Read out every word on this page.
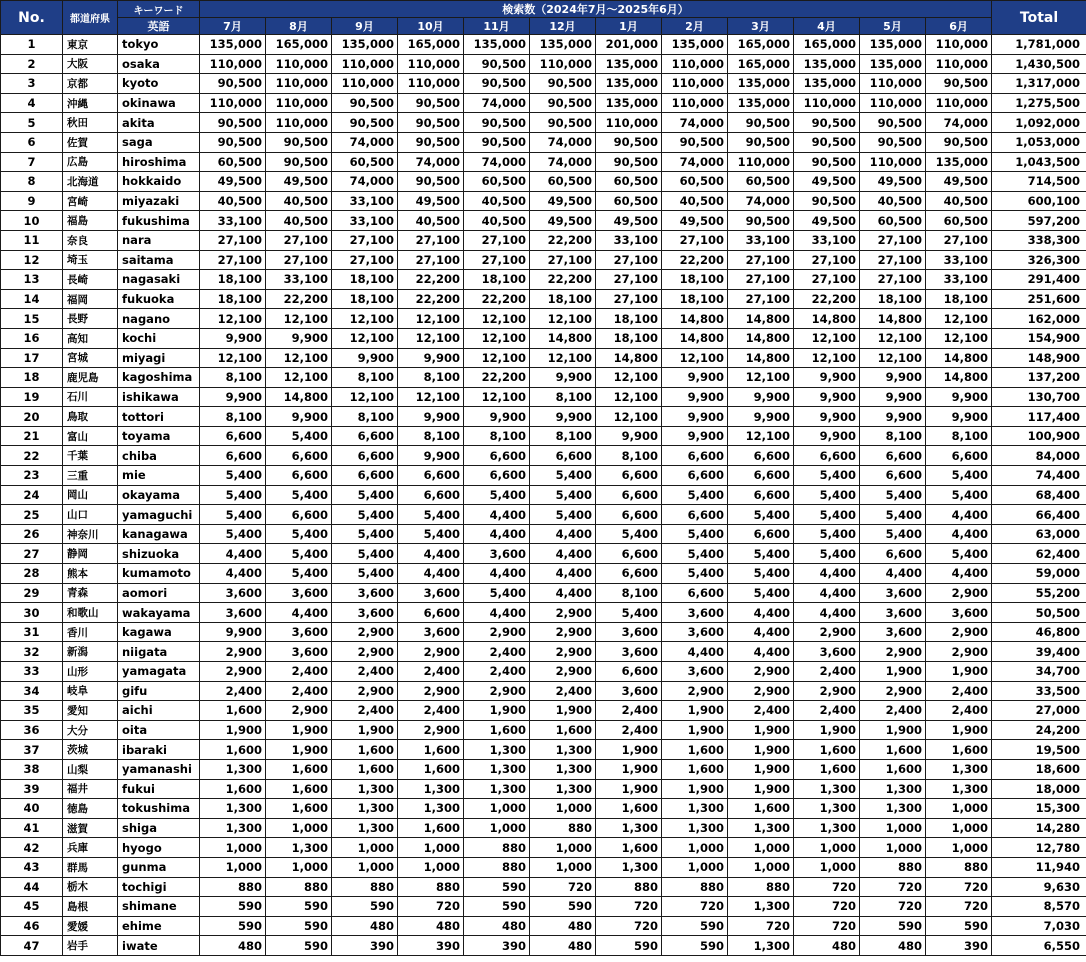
No.	都道府県	キーワード	検索数（2024年7月～2025年6月）												Total
		英語	7月	8月	9月	10月	11月	12月	1月	2月	3月	4月	5月	6月	
1	東京	tokyo	135,000	165,000	135,000	165,000	135,000	135,000	201,000	135,000	165,000	165,000	135,000	110,000	1,781,000
2	大阪	osaka	110,000	110,000	110,000	110,000	90,500	110,000	135,000	110,000	165,000	135,000	135,000	110,000	1,430,500
3	京都	kyoto	90,500	110,000	110,000	110,000	90,500	90,500	135,000	110,000	135,000	135,000	110,000	90,500	1,317,000
4	沖縄	okinawa	110,000	110,000	90,500	90,500	74,000	90,500	135,000	110,000	135,000	110,000	110,000	110,000	1,275,500
5	秋田	akita	90,500	110,000	90,500	90,500	90,500	90,500	110,000	74,000	90,500	90,500	90,500	74,000	1,092,000
6	佐賀	saga	90,500	90,500	74,000	90,500	90,500	74,000	90,500	90,500	90,500	90,500	90,500	90,500	1,053,000
7	広島	hiroshima	60,500	90,500	60,500	74,000	74,000	74,000	90,500	74,000	110,000	90,500	110,000	135,000	1,043,500
8	北海道	hokkaido	49,500	49,500	74,000	90,500	60,500	60,500	60,500	60,500	60,500	49,500	49,500	49,500	714,500
9	宮崎	miyazaki	40,500	40,500	33,100	49,500	40,500	49,500	60,500	40,500	74,000	90,500	40,500	40,500	600,100
10	福島	fukushima	33,100	40,500	33,100	40,500	40,500	49,500	49,500	49,500	90,500	49,500	60,500	60,500	597,200
11	奈良	nara	27,100	27,100	27,100	27,100	27,100	22,200	33,100	27,100	33,100	33,100	27,100	27,100	338,300
12	埼玉	saitama	27,100	27,100	27,100	27,100	27,100	27,100	27,100	22,200	27,100	27,100	27,100	33,100	326,300
13	長崎	nagasaki	18,100	33,100	18,100	22,200	18,100	22,200	27,100	18,100	27,100	27,100	27,100	33,100	291,400
14	福岡	fukuoka	18,100	22,200	18,100	22,200	22,200	18,100	27,100	18,100	27,100	22,200	18,100	18,100	251,600
15	長野	nagano	12,100	12,100	12,100	12,100	12,100	12,100	18,100	14,800	14,800	14,800	14,800	12,100	162,000
16	高知	kochi	9,900	9,900	12,100	12,100	12,100	14,800	18,100	14,800	14,800	12,100	12,100	12,100	154,900
17	宮城	miyagi	12,100	12,100	9,900	9,900	12,100	12,100	14,800	12,100	14,800	12,100	12,100	14,800	148,900
18	鹿児島	kagoshima	8,100	12,100	8,100	8,100	22,200	9,900	12,100	9,900	12,100	9,900	9,900	14,800	137,200
19	石川	ishikawa	9,900	14,800	12,100	12,100	12,100	8,100	12,100	9,900	9,900	9,900	9,900	9,900	130,700
20	鳥取	tottori	8,100	9,900	8,100	9,900	9,900	9,900	12,100	9,900	9,900	9,900	9,900	9,900	117,400
21	富山	toyama	6,600	5,400	6,600	8,100	8,100	8,100	9,900	9,900	12,100	9,900	8,100	8,100	100,900
22	千葉	chiba	6,600	6,600	6,600	9,900	6,600	6,600	8,100	6,600	6,600	6,600	6,600	6,600	84,000
23	三重	mie	5,400	6,600	6,600	6,600	6,600	5,400	6,600	6,600	6,600	5,400	6,600	5,400	74,400
24	岡山	okayama	5,400	5,400	5,400	6,600	5,400	5,400	6,600	5,400	6,600	5,400	5,400	5,400	68,400
25	山口	yamaguchi	5,400	6,600	5,400	5,400	4,400	5,400	6,600	6,600	5,400	5,400	5,400	4,400	66,400
26	神奈川	kanagawa	5,400	5,400	5,400	5,400	4,400	4,400	5,400	5,400	6,600	5,400	5,400	4,400	63,000
27	静岡	shizuoka	4,400	5,400	5,400	4,400	3,600	4,400	6,600	5,400	5,400	5,400	6,600	5,400	62,400
28	熊本	kumamoto	4,400	5,400	5,400	4,400	4,400	4,400	6,600	5,400	5,400	4,400	4,400	4,400	59,000
29	青森	aomori	3,600	3,600	3,600	3,600	5,400	4,400	8,100	6,600	5,400	4,400	3,600	2,900	55,200
30	和歌山	wakayama	3,600	4,400	3,600	6,600	4,400	2,900	5,400	3,600	4,400	4,400	3,600	3,600	50,500
31	香川	kagawa	9,900	3,600	2,900	3,600	2,900	2,900	3,600	3,600	4,400	2,900	3,600	2,900	46,800
32	新潟	niigata	2,900	3,600	2,900	2,900	2,400	2,900	3,600	4,400	4,400	3,600	2,900	2,900	39,400
33	山形	yamagata	2,900	2,400	2,400	2,400	2,400	2,900	6,600	3,600	2,900	2,400	1,900	1,900	34,700
34	岐阜	gifu	2,400	2,400	2,900	2,900	2,900	2,400	3,600	2,900	2,900	2,900	2,900	2,400	33,500
35	愛知	aichi	1,600	2,900	2,400	2,400	1,900	1,900	2,400	1,900	2,400	2,400	2,400	2,400	27,000
36	大分	oita	1,900	1,900	1,900	2,900	1,600	1,600	2,400	1,900	1,900	1,900	1,900	1,900	24,200
37	茨城	ibaraki	1,600	1,900	1,600	1,600	1,300	1,300	1,900	1,600	1,900	1,600	1,600	1,600	19,500
38	山梨	yamanashi	1,300	1,600	1,600	1,600	1,300	1,300	1,900	1,600	1,900	1,600	1,600	1,300	18,600
39	福井	fukui	1,600	1,600	1,300	1,300	1,300	1,300	1,900	1,900	1,900	1,300	1,300	1,300	18,000
40	徳島	tokushima	1,300	1,600	1,300	1,300	1,000	1,000	1,600	1,300	1,600	1,300	1,300	1,000	15,300
41	滋賀	shiga	1,300	1,000	1,300	1,600	1,000	880	1,300	1,300	1,300	1,300	1,000	1,000	14,280
42	兵庫	hyogo	1,000	1,300	1,000	1,000	880	1,000	1,600	1,000	1,000	1,000	1,000	1,000	12,780
43	群馬	gunma	1,000	1,000	1,000	1,000	880	1,000	1,300	1,000	1,000	1,000	880	880	11,940
44	栃木	tochigi	880	880	880	880	590	720	880	880	880	720	720	720	9,630
45	島根	shimane	590	590	590	720	590	590	720	720	1,300	720	720	720	8,570
46	愛媛	ehime	590	590	480	480	480	480	720	590	720	720	590	590	7,030
47	岩手	iwate	480	590	390	390	390	480	590	590	1,300	480	480	390	6,550
